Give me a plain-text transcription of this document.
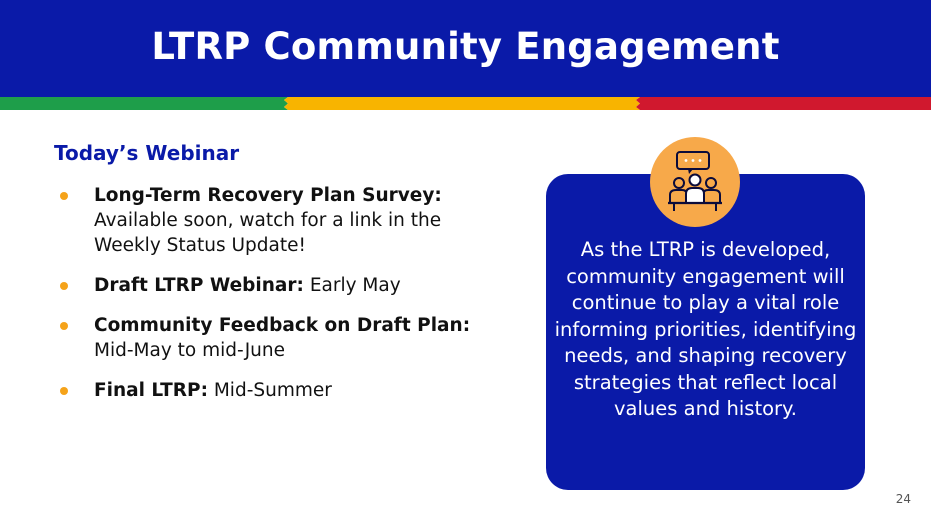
LTRP Community Engagement
Today’s Webinar
Long-Term Recovery Plan Survey: Available soon, watch for a link in the Weekly Status Update!
Draft LTRP Webinar: Early May
Community Feedback on Draft Plan: Mid-May to mid-June
Final LTRP: Mid-Summer
As the LTRP is developed, community engagement will continue to play a vital role informing priorities, identifying needs, and shaping recovery strategies that reflect local values and history.
24
